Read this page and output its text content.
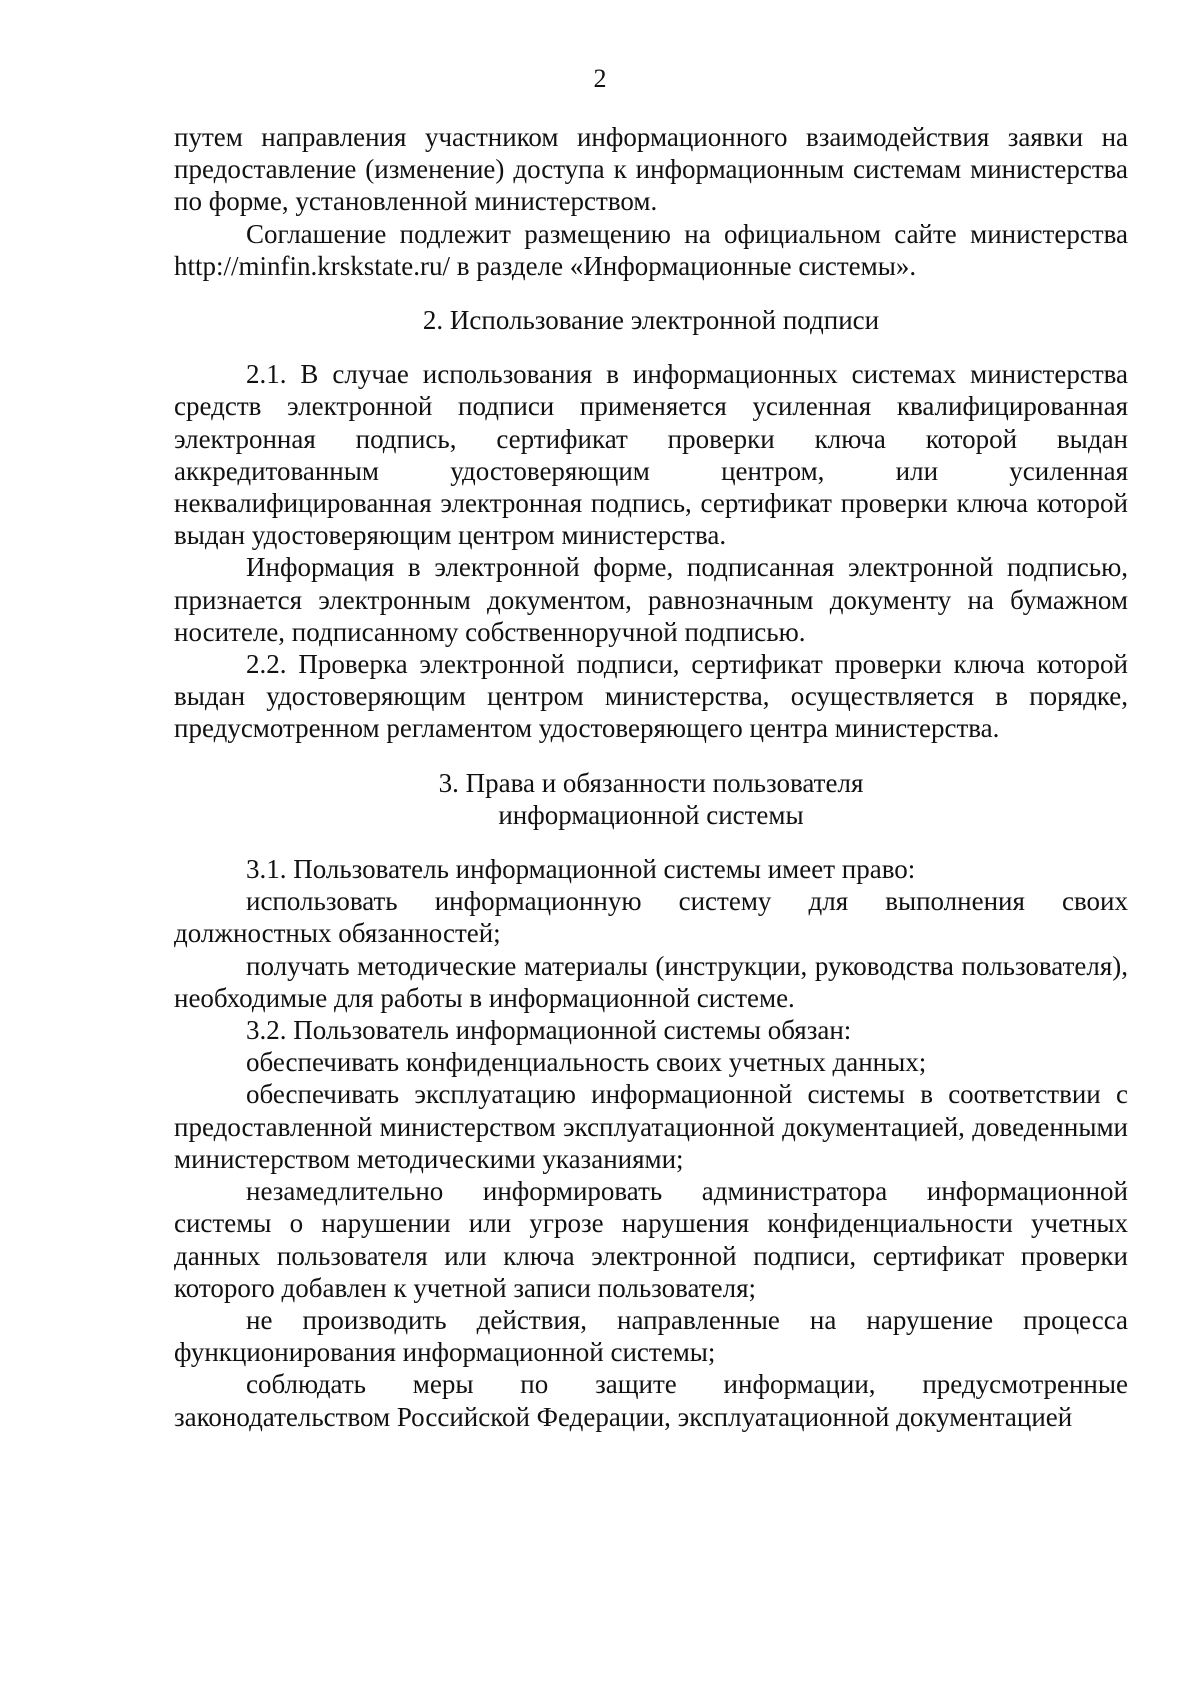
2

путем направления участником информационного взаимодействия заявки на предоставление (изменение) доступа к информационным системам министерства по форме, установленной министерством.

Соглашение подлежит размещению на официальном сайте министерства http://minfin.krskstate.ru/ в разделе «Информационные системы».

2. Использование электронной подписи

2.1. В случае использования в информационных системах министерства средств электронной подписи применяется усиленная квалифицированная электронная подпись, сертификат проверки ключа которой выдан аккредитованным удостоверяющим центром, или усиленная неквалифицированная электронная подпись, сертификат проверки ключа которой выдан удостоверяющим центром министерства.

Информация в электронной форме, подписанная электронной подписью, признается электронным документом, равнозначным документу на бумажном носителе, подписанному собственноручной подписью.

2.2. Проверка электронной подписи, сертификат проверки ключа которой выдан удостоверяющим центром министерства, осуществляется в порядке, предусмотренном регламентом удостоверяющего центра министерства.

3. Права и обязанности пользователя

информационной системы

3.1. Пользователь информационной системы имеет право:

использовать информационную систему для выполнения своих должностных обязанностей;

получать методические материалы (инструкции, руководства пользователя), необходимые для работы в информационной системе.

3.2. Пользователь информационной системы обязан:

обеспечивать конфиденциальность своих учетных данных;

обеспечивать эксплуатацию информационной системы в соответствии с предоставленной министерством эксплуатационной документацией, доведенными министерством методическими указаниями;

незамедлительно информировать администратора информационной системы о нарушении или угрозе нарушения конфиденциальности учетных данных пользователя или ключа электронной подписи, сертификат проверки которого добавлен к учетной записи пользователя;

не производить действия, направленные на нарушение процесса функционирования информационной системы;

соблюдать меры по защите информации, предусмотренные законодательством Российской Федерации, эксплуатационной документацией
